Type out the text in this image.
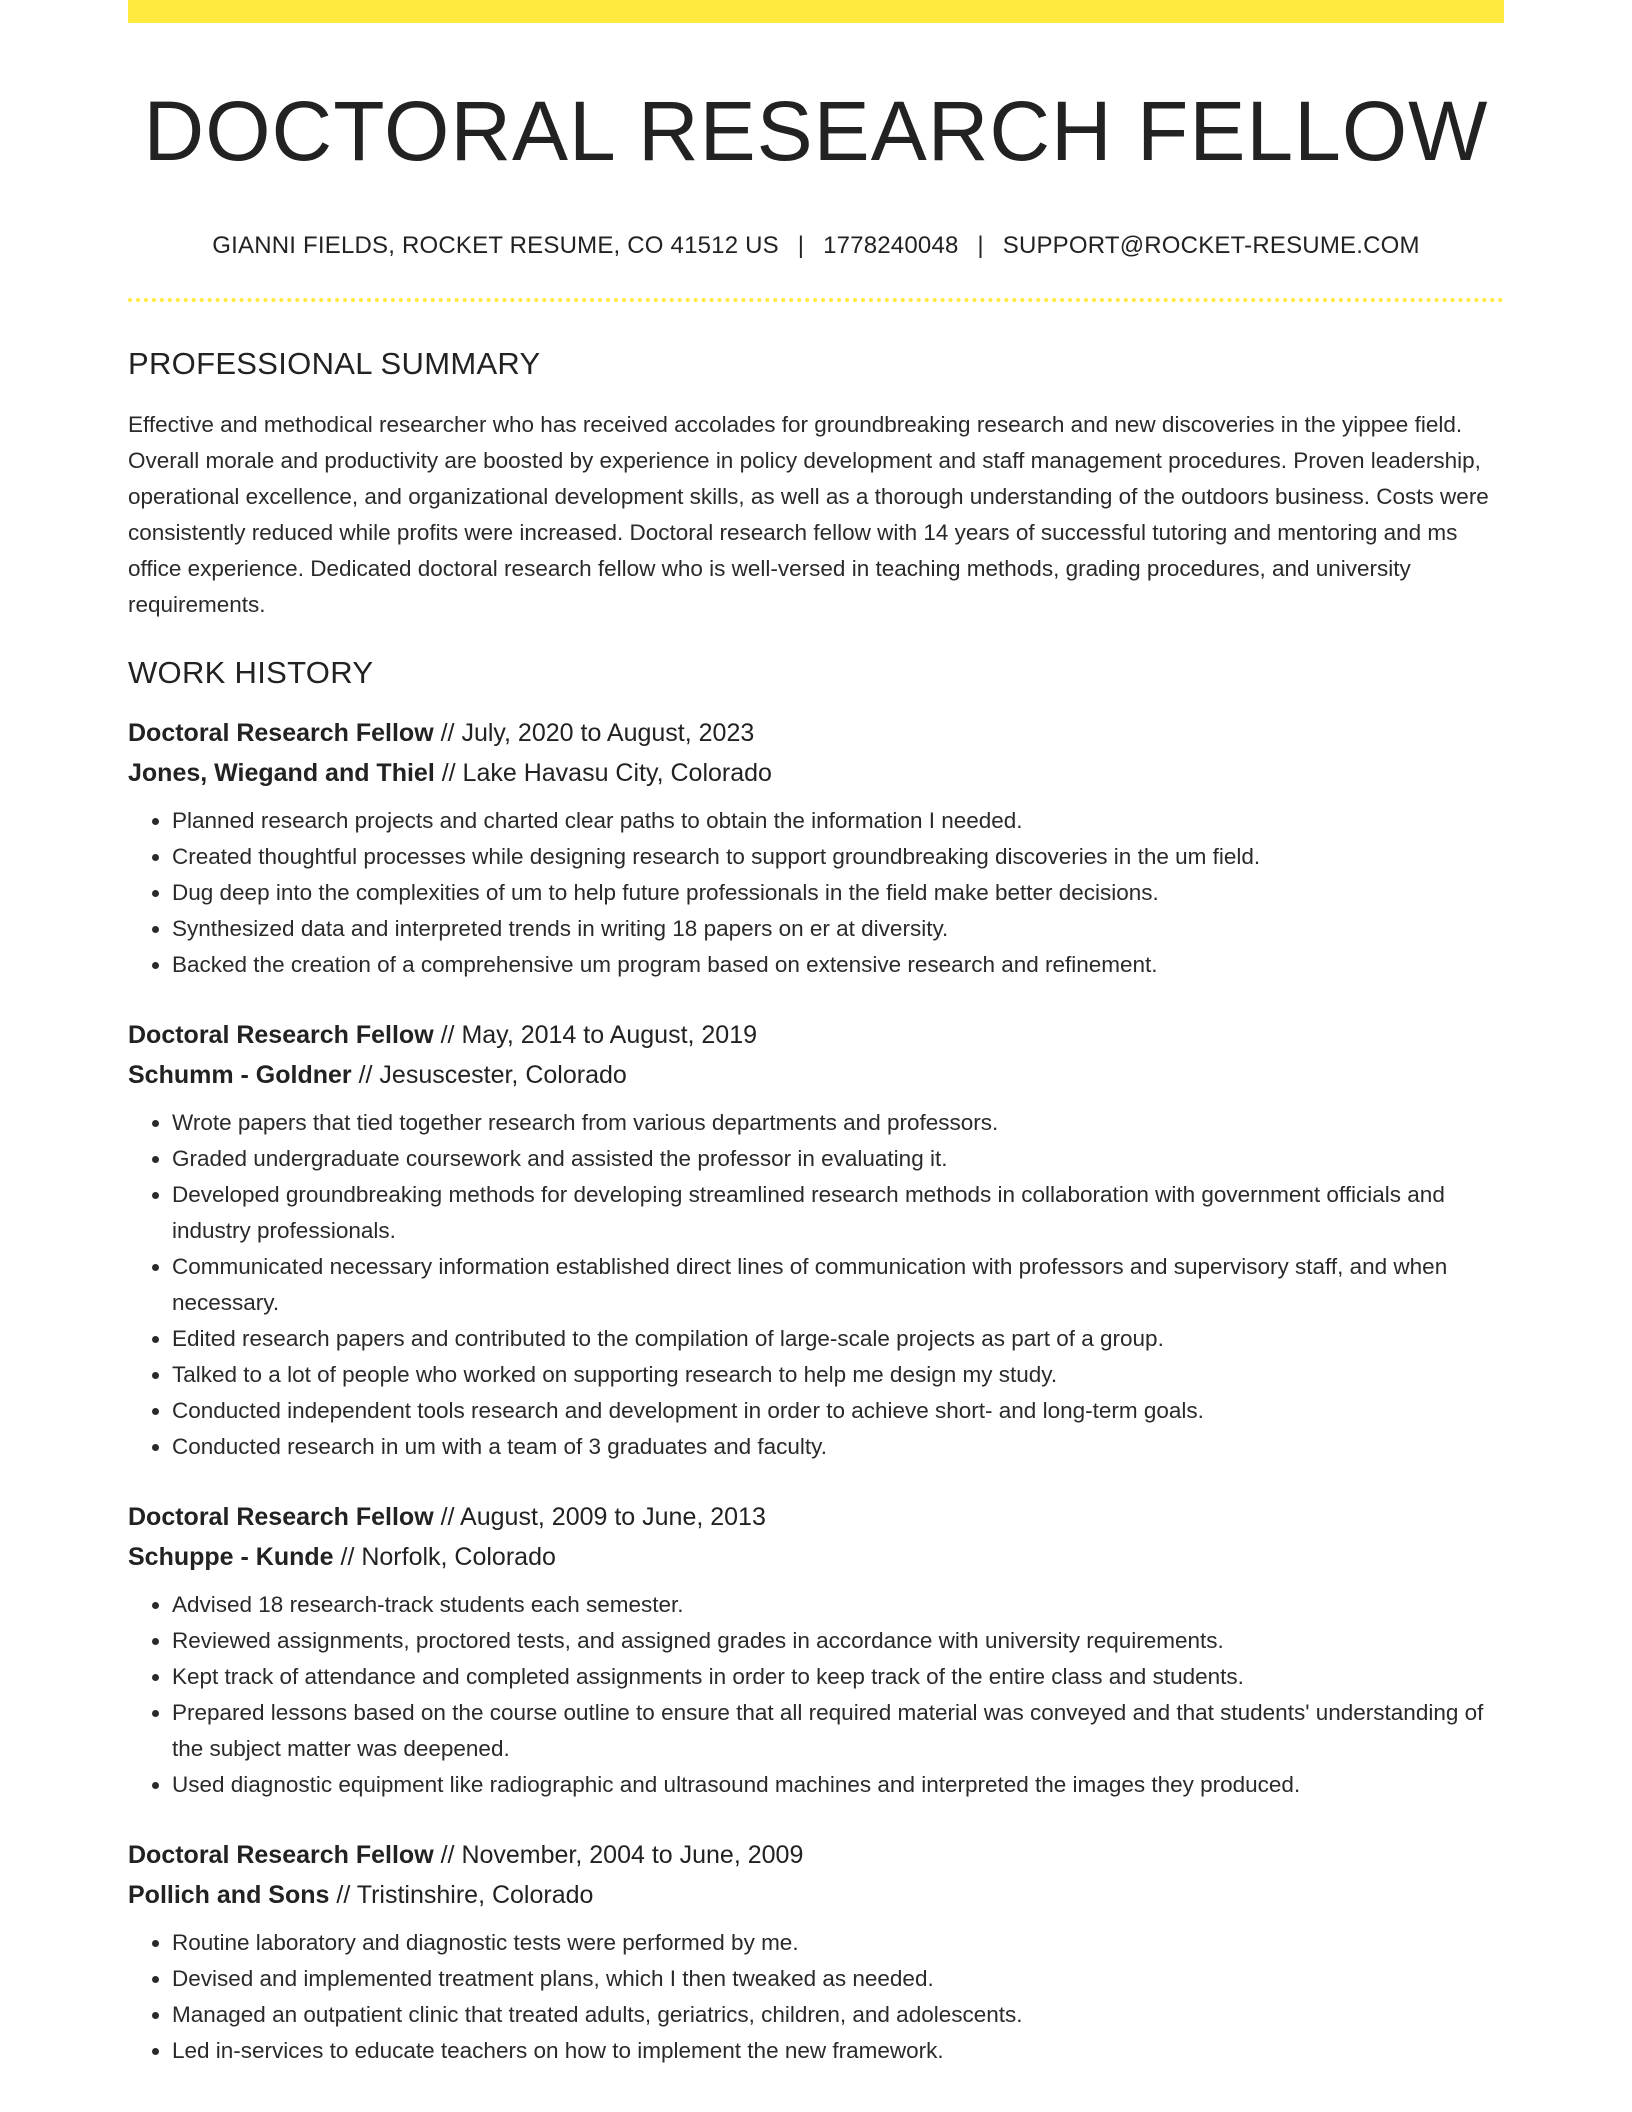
DOCTORAL RESEARCH FELLOW
GIANNI FIELDS, ROCKET RESUME, CO 41512 US | 1778240048 | SUPPORT@ROCKET-RESUME.COM
PROFESSIONAL SUMMARY

Effective and methodical researcher who has received accolades for groundbreaking research and new discoveries in the yippee field. Overall morale and productivity are boosted by experience in policy development and staff management procedures. Proven leadership, operational excellence, and organizational development skills, as well as a thorough understanding of the outdoors business. Costs were consistently reduced while profits were increased. Doctoral research fellow with 14 years of successful tutoring and mentoring and ms office experience. Dedicated doctoral research fellow who is well-versed in teaching methods, grading procedures, and university requirements.

WORK HISTORY
Doctoral Research Fellow // July, 2020 to August, 2023
Jones, Wiegand and Thiel // Lake Havasu City, Colorado
• Planned research projects and charted clear paths to obtain the information I needed.
• Created thoughtful processes while designing research to support groundbreaking discoveries in the um field.
• Dug deep into the complexities of um to help future professionals in the field make better decisions.
• Synthesized data and interpreted trends in writing 18 papers on er at diversity.
• Backed the creation of a comprehensive um program based on extensive research and refinement.
Doctoral Research Fellow // May, 2014 to August, 2019
Schumm - Goldner // Jesuscester, Colorado
• Wrote papers that tied together research from various departments and professors.
• Graded undergraduate coursework and assisted the professor in evaluating it.
• Developed groundbreaking methods for developing streamlined research methods in collaboration with government officials and industry professionals.
• Communicated necessary information established direct lines of communication with professors and supervisory staff, and when necessary.
• Edited research papers and contributed to the compilation of large-scale projects as part of a group.
• Talked to a lot of people who worked on supporting research to help me design my study.
• Conducted independent tools research and development in order to achieve short- and long-term goals.
• Conducted research in um with a team of 3 graduates and faculty.
Doctoral Research Fellow // August, 2009 to June, 2013
Schuppe - Kunde // Norfolk, Colorado
• Advised 18 research-track students each semester.
• Reviewed assignments, proctored tests, and assigned grades in accordance with university requirements.
• Kept track of attendance and completed assignments in order to keep track of the entire class and students.
• Prepared lessons based on the course outline to ensure that all required material was conveyed and that students' understanding of the subject matter was deepened.
• Used diagnostic equipment like radiographic and ultrasound machines and interpreted the images they produced.
Doctoral Research Fellow // November, 2004 to June, 2009
Pollich and Sons // Tristinshire, Colorado
• Routine laboratory and diagnostic tests were performed by me.
• Devised and implemented treatment plans, which I then tweaked as needed.
• Managed an outpatient clinic that treated adults, geriatrics, children, and adolescents.
• Led in-services to educate teachers on how to implement the new framework.
